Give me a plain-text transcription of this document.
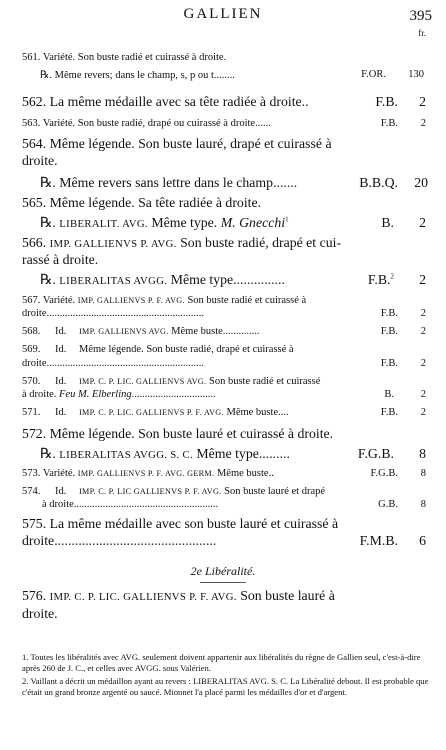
GALLIEN	395
fr.
561. Variété. Son buste radié et cuirassé à droite.
℞. Même revers; dans le champ, s, p ou t........	F.OR. 130
562. La même médaille avec sa tête radiée à droite..	F.B. 2
563. Variété. Son buste radié, drapé ou cuirassé à droite......	F.B. 2
564. Même légende. Son buste lauré, drapé et cuirassé à
droite.
℞. Même revers sans lettre dans le champ.......	B.B.Q. 20
565. Même légende. Sa tête radiée à droite.
℞. LIBERALIT. AVG. Même type. M. Gnecchi$^1$	B. 2
566. IMP. GALLIENVS P. AVG. Son buste radié, drapé et cui-
rassé à droite.
℞. LIBERALITAS AVGG. Même type...............	F.B.$^2$ 2
567. Variété. IMP. GALLIENVS P. F. AVG. Son buste radié et cuirassé à
droite............................................................	F.B. 2
568. Id. IMP. GALLIENVS AVG. Même buste..............	F.B. 2
569. Id. Même légende. Son buste radié, drapé et cuirassé à
droite............................................................	F.B. 2
570. Id. IMP. C. P. LIC. GALLIENVS AVG. Son buste radié et cuirassé
à droite. Feu M. Elberling................................	B.	2
571. Id. IMP. C. P. LIC. GALLIENVS P. F. AVG. Même buste....	F.B. 2
572. Même légende. Son buste lauré et cuirassé à droite.
℞. LIBERALITAS AVGG. S. C. Même type.........	F.G.B. 8
573. Variété. IMP. GALLIENVS P. F. AVG. GERM. Même buste..	F.G.B. 8
574. Id. IMP. C. P. LIC GALLIENVS P. F. AVG. Son buste lauré et drapé
à droite.......................................................	G.B. 8
575. La même médaille avec son buste lauré et cuirassé à
droite...............................................	F.M.B. 6
2e Libéralité.
576. IMP. C. P. LIC. GALLIENVS P. F. AVG. Son buste lauré à
droite.
1. Toutes les libéralités avec AVG. seulement doivent appartenir aux libéralités du règne de Gallien seul, c'est-à-dire après 260 de J. C., et celles avec AVGG. sous Valérien.
2. Vaillant a décrit un médaillon ayant au revers : LIBERALITAS AVG. S. C. La Libéralité debout. Il est probable que c'était un grand bronze argenté ou saucé. Mionnet l'a placé parmi les médailles d'or et d'argent.
